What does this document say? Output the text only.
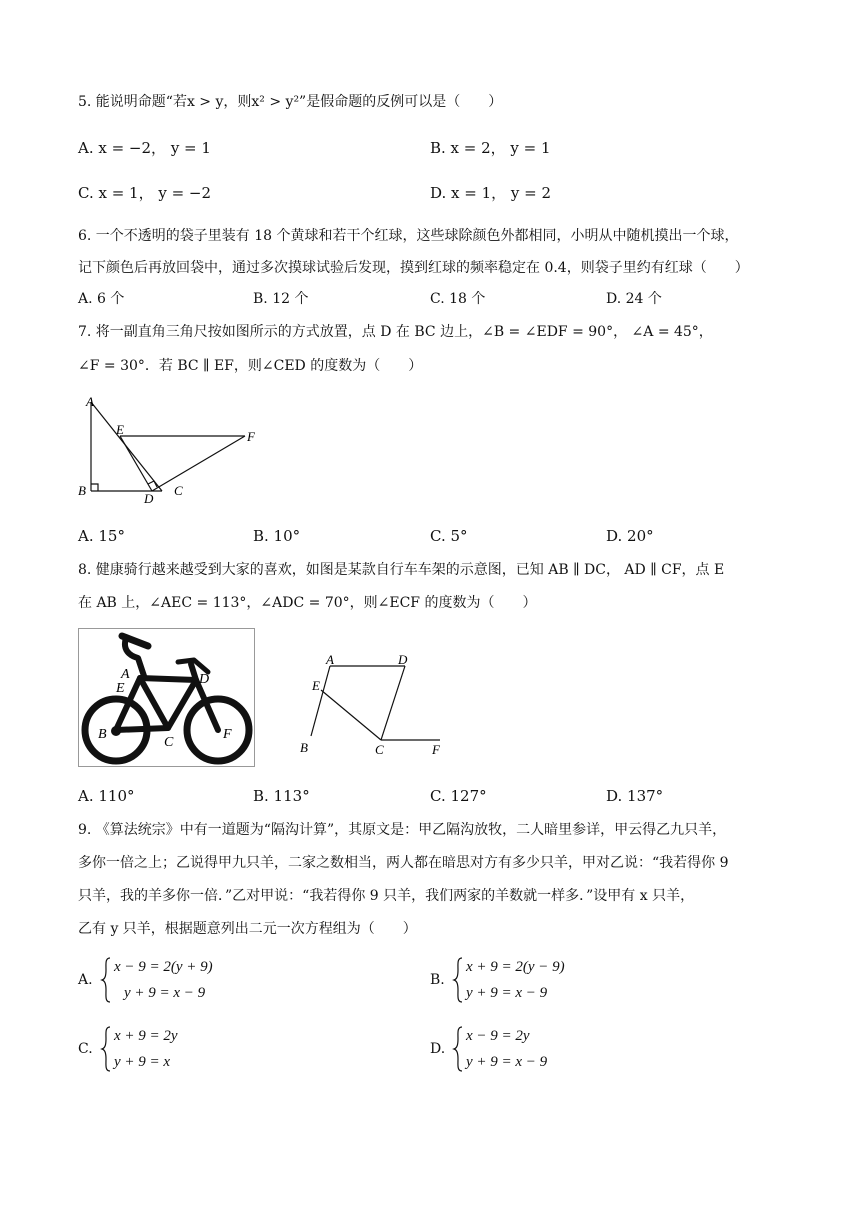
5. 能说明命题“若x > y，则x² > y²”是假命题的反例可以是（　　）
A. x = −2， y = 1	B. x = 2， y = 1
C. x = 1， y = −2	D. x = 1， y = 2
6. 一个不透明的袋子里装有 18 个黄球和若干个红球，这些球除颜色外都相同，小明从中随机摸出一个球，
记下颜色后再放回袋中，通过多次摸球试验后发现，摸到红球的频率稳定在 0.4，则袋子里约有红球（　　）
A. 6 个	B. 12 个	C. 18 个	D. 24 个
7. 将一副直角三角尺按如图所示的方式放置，点 D 在 BC 边上，∠B = ∠EDF = 90°， ∠A = 45°，
∠F = 30°．若 BC ∥ EF，则∠CED 的度数为（　　）
A
E	F
B
D
C
A. 15°	B. 10°	C. 5°	D. 20°
8. 健康骑行越来越受到大家的喜欢，如图是某款自行车车架的示意图，已知 AB ∥ DC， AD ∥ CF，点 E
在 AB 上，∠AEC = 113°，∠ADC = 70°，则∠ECF 的度数为（　　）
A
E
D
B
C
F
A	D
E
B	C	F
A. 110°	B. 113°	C. 127°	D. 137°
9. 《算法统宗》中有一道题为“隔沟计算”，其原文是：甲乙隔沟放牧，二人暗里参详，甲云得乙九只羊，
多你一倍之上；乙说得甲九只羊，二家之数相当，两人都在暗思对方有多少只羊，甲对乙说：“我若得你 9
只羊，我的羊多你一倍．”乙对甲说：“我若得你 9 只羊，我们两家的羊数就一样多．”设甲有 x 只羊，
乙有 y 只羊，根据题意列出二元一次方程组为（　　）
A.
x − 9 = 2(y + 9)
y + 9 = x − 9
B.
x + 9 = 2(y − 9)
y + 9 = x − 9
C.
x + 9 = 2y
y + 9 = x
D.
x − 9 = 2y
y + 9 = x − 9
